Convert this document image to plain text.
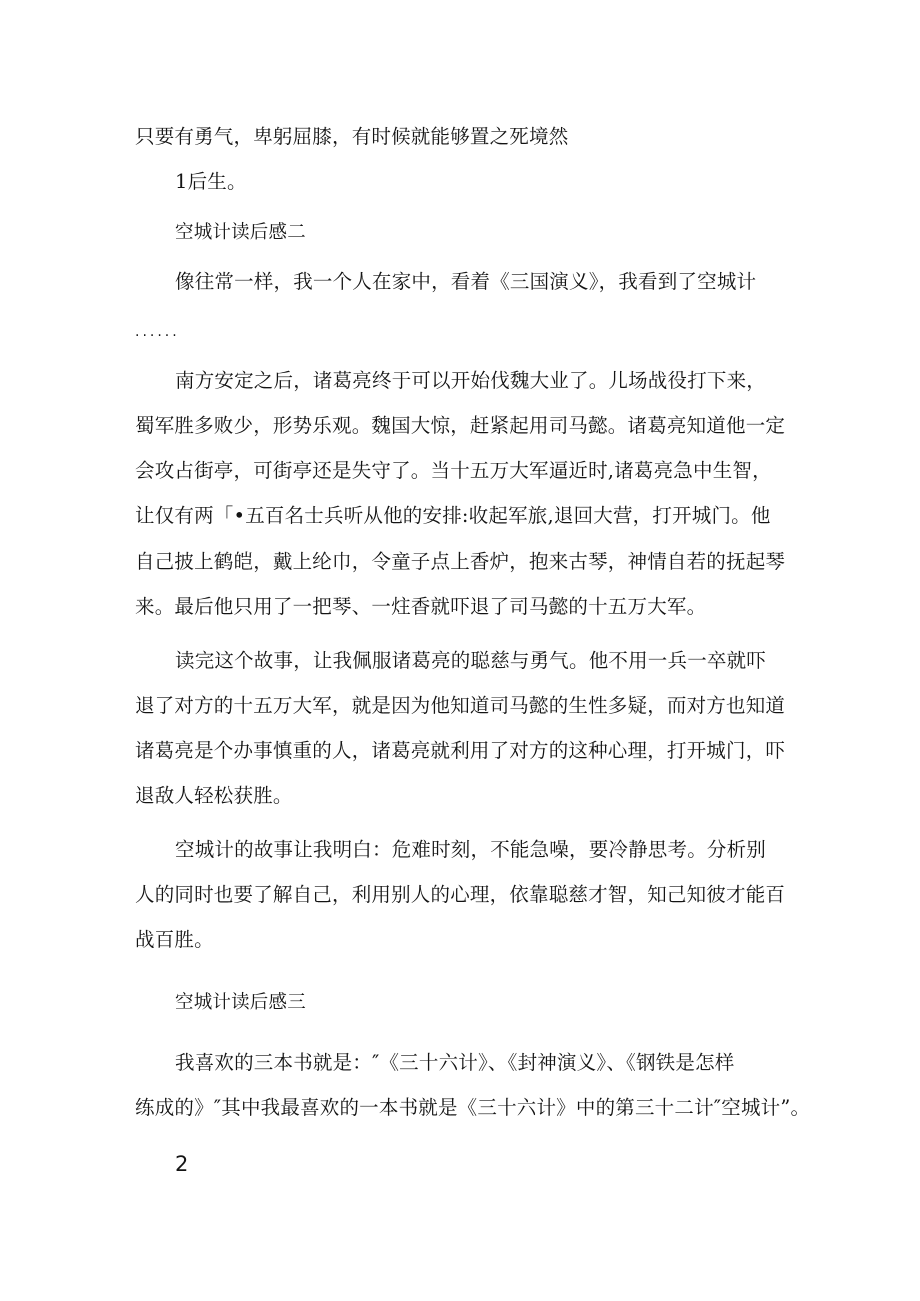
只要有勇气，卑躬屈膝，有时候就能够置之死境然
1后生。
空城计读后感二
像往常一样，我一个人在家中，看着《三国演义》，我看到了空城计
......
南方安定之后，诸葛亮终于可以开始伐魏大业了。儿场战役打下来，
蜀军胜多败少，形势乐观。魏国大惊，赶紧起用司马懿。诸葛亮知道他一定
会攻占街亭，可街亭还是失守了。当十五万大军逼近时,诸葛亮急中生智，
让仅有两「•五百名士兵听从他的安排:收起军旅,退回大营，打开城门。他
自己披上鹤皑，戴上纶巾，令童子点上香炉，抱来古琴，神情自若的抚起琴
来。最后他只用了一把琴、一炷香就吓退了司马懿的十五万大军。
读完这个故事，让我佩服诸葛亮的聪慈与勇气。他不用一兵一卒就吓
退了对方的十五万大军，就是因为他知道司马懿的生性多疑，而对方也知道
诸葛亮是个办事慎重的人，诸葛亮就利用了对方的这种心理，打开城门，吓
退敌人轻松获胜。
空城计的故事让我明白：危难时刻，不能急噪，要冷静思考。分析别
人的同时也要了解自己，利用别人的心理，依靠聪慈才智，知己知彼才能百
战百胜。
空城计读后感三
我喜欢的三本书就是：″《三十六计》、《封神演义》、《钢铁是怎样
练成的》″其中我最喜欢的一本书就是《三十六计》中的第三十二计″空城计”。
2
